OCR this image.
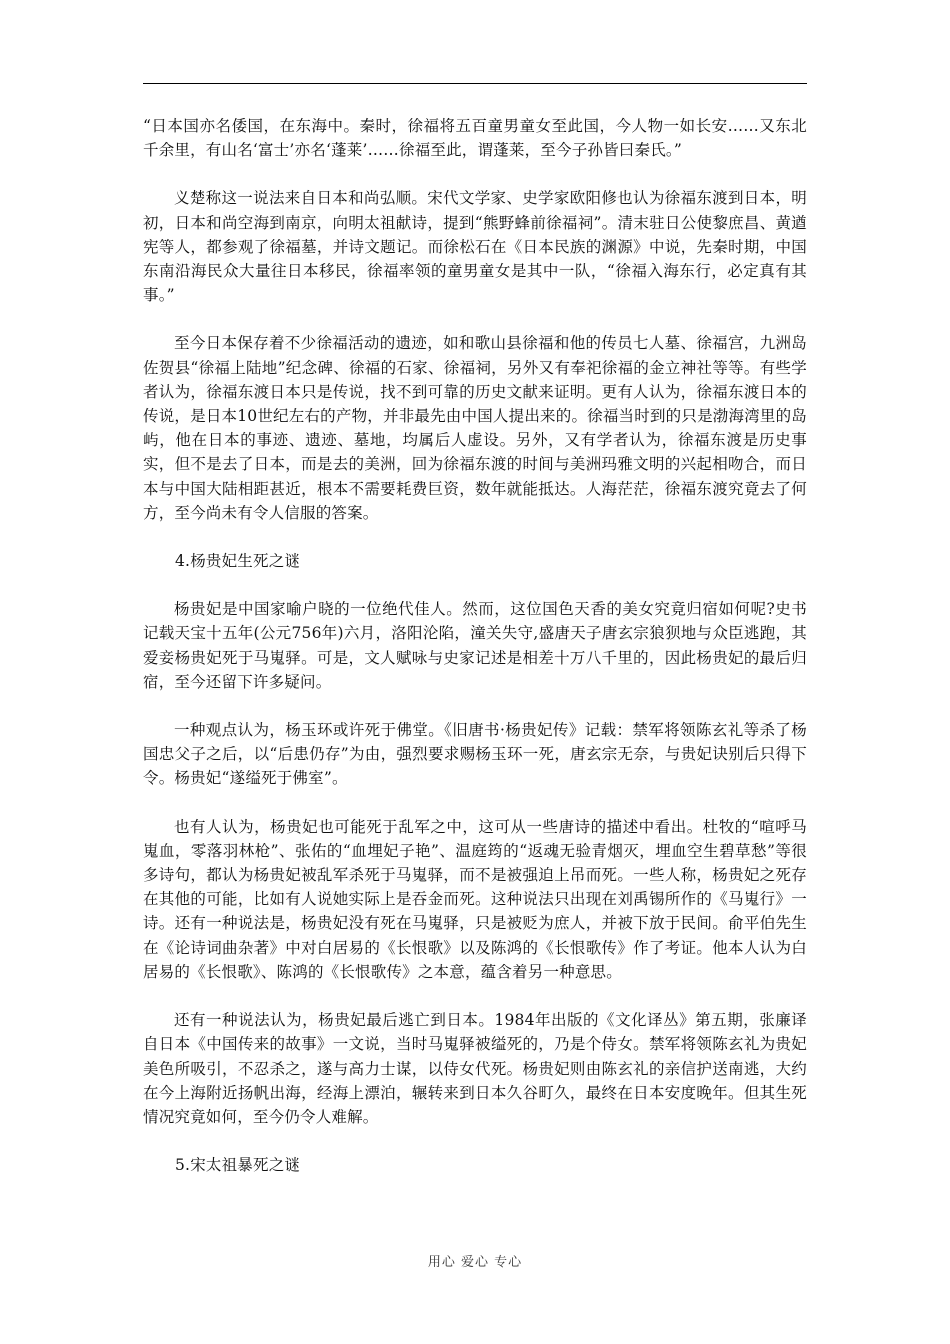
“日本国亦名倭国，在东海中。秦时，徐福将五百童男童女至此国，今人物一如长安……又东北千余里，有山名‘富士’亦名‘蓬莱’……徐福至此，谓蓬莱，至今子孙皆曰秦氏。”

义楚称这一说法来自日本和尚弘顺。宋代文学家、史学家欧阳修也认为徐福东渡到日本，明初，日本和尚空海到南京，向明太祖献诗，提到“熊野蜂前徐福祠”。清末驻日公使黎庶昌、黄遒宪等人，都参观了徐福墓，并诗文题记。而徐松石在《日本民族的渊源》中说，先秦时期，中国东南沿海民众大量往日本移民，徐福率领的童男童女是其中一队，“徐福入海东行，必定真有其事。”

至今日本保存着不少徐福活动的遗迹，如和歌山县徐福和他的传员七人墓、徐福宫，九洲岛佐贺县“徐福上陆地”纪念碑、徐福的石家、徐福祠，另外又有奉祀徐福的金立神社等等。有些学者认为，徐福东渡日本只是传说，找不到可靠的历史文献来证明。更有人认为，徐福东渡日本的传说，是日本10世纪左右的产物，并非最先由中国人提出来的。徐福当时到的只是渤海湾里的岛屿，他在日本的事迹、遗迹、墓地，均属后人虚设。另外，又有学者认为，徐福东渡是历史事实，但不是去了日本，而是去的美洲，回为徐福东渡的时间与美洲玛雅文明的兴起相吻合，而日本与中国大陆相距甚近，根本不需要耗费巨资，数年就能抵达。人海茫茫，徐福东渡究竟去了何方，至今尚未有令人信服的答案。

4.杨贵妃生死之谜

杨贵妃是中国家喻户晓的一位绝代佳人。然而，这位国色天香的美女究竟归宿如何呢?史书记载天宝十五年(公元756年)六月，洛阳沦陷，潼关失守,盛唐天子唐玄宗狼狈地与众臣逃跑，其爱妾杨贵妃死于马嵬驿。可是，文人赋咏与史家记述是相差十万八千里的，因此杨贵妃的最后归宿，至今还留下许多疑问。

一种观点认为，杨玉环或许死于佛堂。《旧唐书·杨贵妃传》记载：禁军将领陈玄礼等杀了杨国忠父子之后，以“后患仍存”为由，强烈要求赐杨玉环一死，唐玄宗无奈，与贵妃诀别后只得下令。杨贵妃“遂缢死于佛室”。

也有人认为，杨贵妃也可能死于乱军之中，这可从一些唐诗的描述中看出。杜牧的“喧呼马嵬血，零落羽林枪”、张佑的“血埋妃子艳”、温庭筠的“返魂无验青烟灭，埋血空生碧草愁”等很多诗句，都认为杨贵妃被乱军杀死于马嵬驿，而不是被强迫上吊而死。一些人称，杨贵妃之死存在其他的可能，比如有人说她实际上是吞金而死。这种说法只出现在刘禹锡所作的《马嵬行》一诗。还有一种说法是，杨贵妃没有死在马嵬驿，只是被贬为庶人，并被下放于民间。俞平伯先生在《论诗词曲杂著》中对白居易的《长恨歌》以及陈鸿的《长恨歌传》作了考证。他本人认为白居易的《长恨歌》、陈鸿的《长恨歌传》之本意，蕴含着另一种意思。

还有一种说法认为，杨贵妃最后逃亡到日本。1984年出版的《文化译丛》第五期，张廉译自日本《中国传来的故事》一文说，当时马嵬驿被缢死的，乃是个侍女。禁军将领陈玄礼为贵妃美色所吸引，不忍杀之，遂与高力士谋，以侍女代死。杨贵妃则由陈玄礼的亲信护送南逃，大约在今上海附近扬帆出海，经海上漂泊，辗转来到日本久谷町久，最终在日本安度晚年。但其生死情况究竟如何，至今仍令人难解。

5.宋太祖暴死之谜

用心 爱心 专心
